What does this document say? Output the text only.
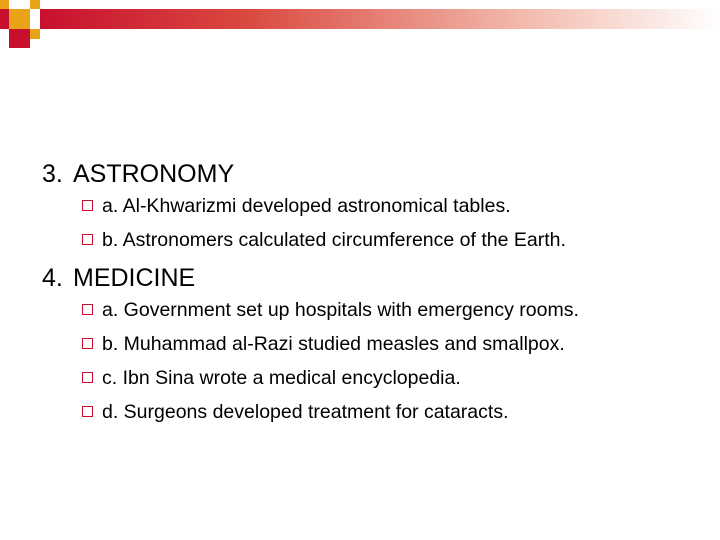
3. ASTRONOMY
a. Al-Khwarizmi developed astronomical tables.
b. Astronomers calculated circumference of the Earth.
4. MEDICINE
a. Government set up hospitals with emergency rooms.
b. Muhammad al-Razi studied measles and smallpox.
c. Ibn Sina wrote a medical encyclopedia.
d. Surgeons developed treatment for cataracts.
